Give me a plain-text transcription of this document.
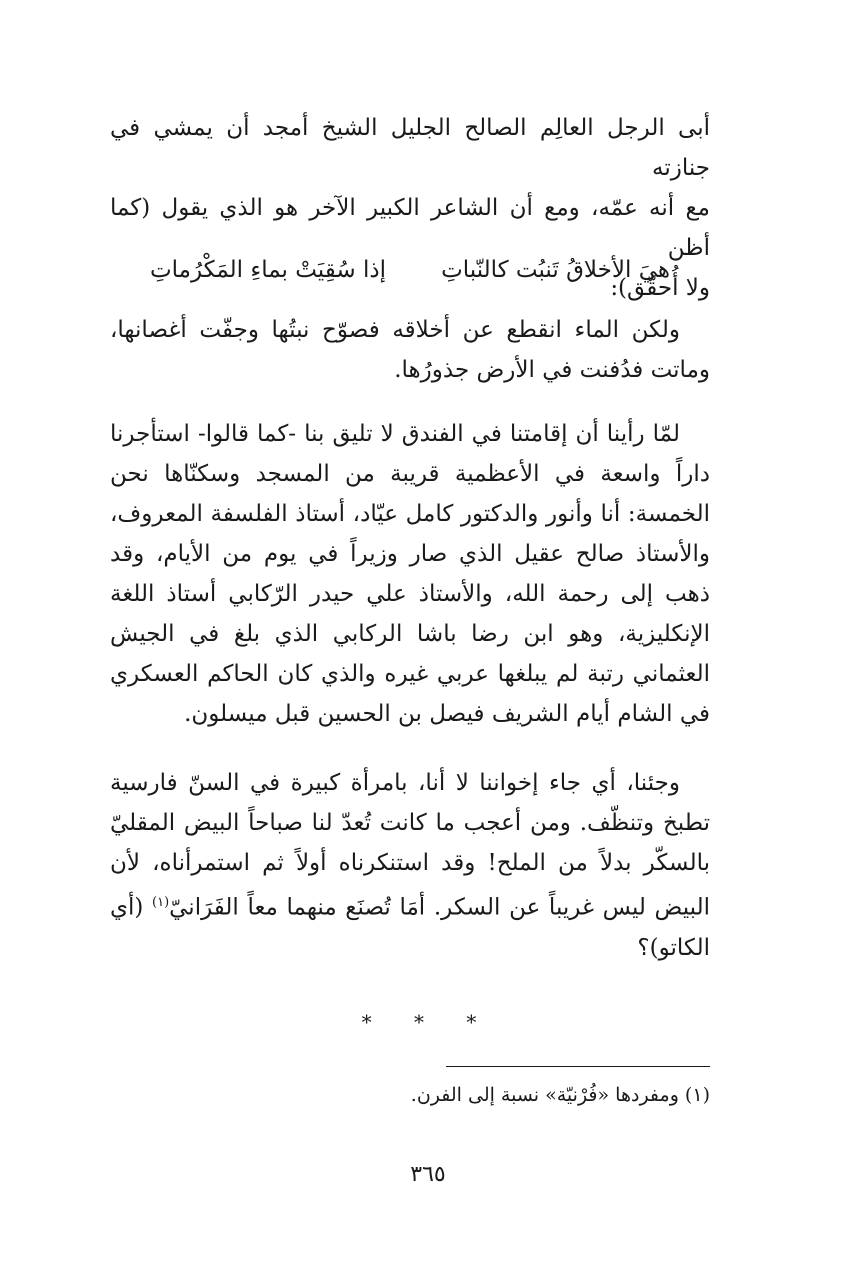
أبى الرجل العالِم الصالح الجليل الشيخ أمجد أن يمشي في جنازته

مع أنه عمّه، ومع أن الشاعر الكبير الآخر هو الذي يقول (كما أظن

ولا أُحقّق):

هيَ الأخلاقُ تَنبُت كالنّباتِ
إذا سُقِيَتْ بماءِ المَكْرُماتِ

ولكن الماء انقطع عن أخلاقه فصوّح نبتُها وجفّت أغصانها، وماتت فدُفنت في الأرض جذورُها.

لمّا رأينا أن إقامتنا في الفندق لا تليق بنا -كما قالوا- استأجرنا داراً واسعة في الأعظمية قريبة من المسجد وسكنّاها نحن الخمسة: أنا وأنور والدكتور كامل عيّاد، أستاذ الفلسفة المعروف، والأستاذ صالح عقيل الذي صار وزيراً في يوم من الأيام، وقد ذهب إلى رحمة الله، والأستاذ علي حيدر الرّكابي أستاذ اللغة الإنكليزية، وهو ابن رضا باشا الركابي الذي بلغ في الجيش العثماني رتبة لم يبلغها عربي غيره والذي كان الحاكم العسكري في الشام أيام الشريف فيصل بن الحسين قبل ميسلون.

وجئنا، أي جاء إخواننا لا أنا، بامرأة كبيرة في السنّ فارسية تطبخ وتنظّف. ومن أعجب ما كانت تُعدّ لنا صباحاً البيض المقليّ بالسكّر بدلاً من الملح! وقد استنكرناه أولاً ثم استمرأناه، لأن البيض ليس غريباً عن السكر. أمَا تُصنَع منهما معاً الفَرَانيّ$^{(١)}$ (أي الكاتو)؟

* * *
(١) ومفردها «فُرْنيّة» نسبة إلى الفرن.
٣٦٥
